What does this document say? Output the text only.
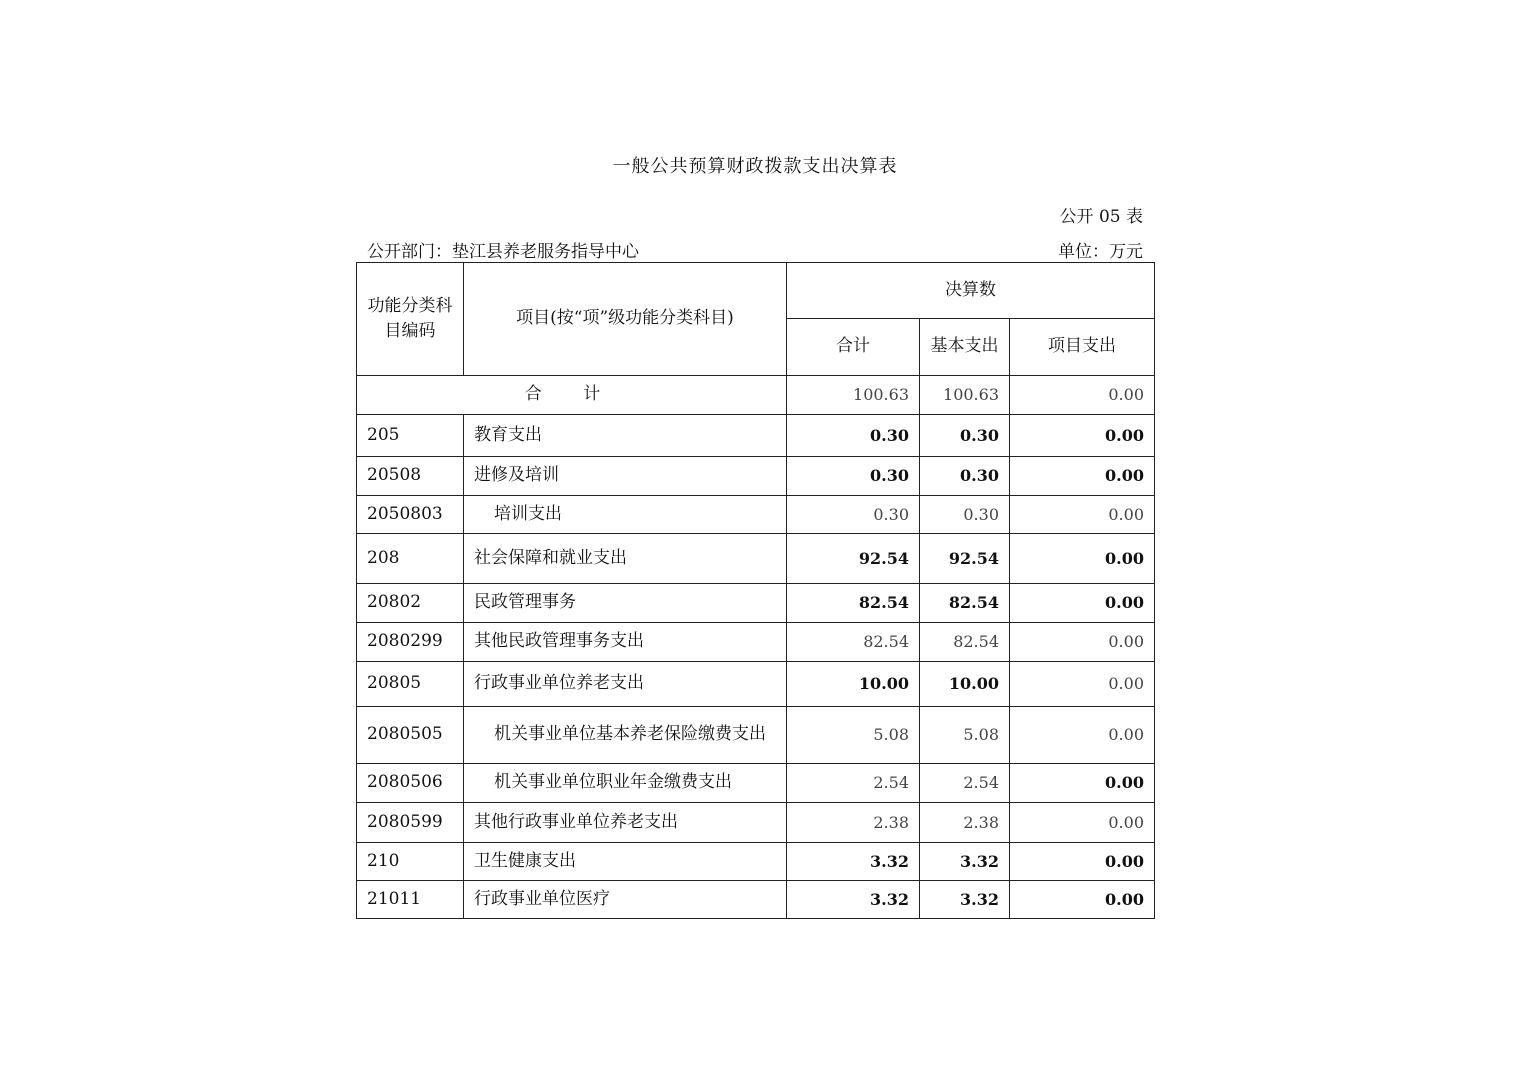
一般公共预算财政拨款支出决算表
公开 05 表
公开部门：垫江县养老服务指导中心	单位：万元
功能分类科目编码	项目(按“项”级功能分类科目)	决算数		
		合计	基本支出	项目支出
合 计		100.63	100.63	0.00
205	教育支出	0.30	0.30	0.00
20508	进修及培训	0.30	0.30	0.00
2050803	培训支出	0.30	0.30	0.00
208	社会保障和就业支出	92.54	92.54	0.00
20802	民政管理事务	82.54	82.54	0.00
2080299	其他民政管理事务支出	82.54	82.54	0.00
20805	行政事业单位养老支出	10.00	10.00	0.00
2080505	机关事业单位基本养老保险缴费支出	5.08	5.08	0.00
2080506	机关事业单位职业年金缴费支出	2.54	2.54	0.00
2080599	其他行政事业单位养老支出	2.38	2.38	0.00
210	卫生健康支出	3.32	3.32	0.00
21011	行政事业单位医疗	3.32	3.32	0.00
